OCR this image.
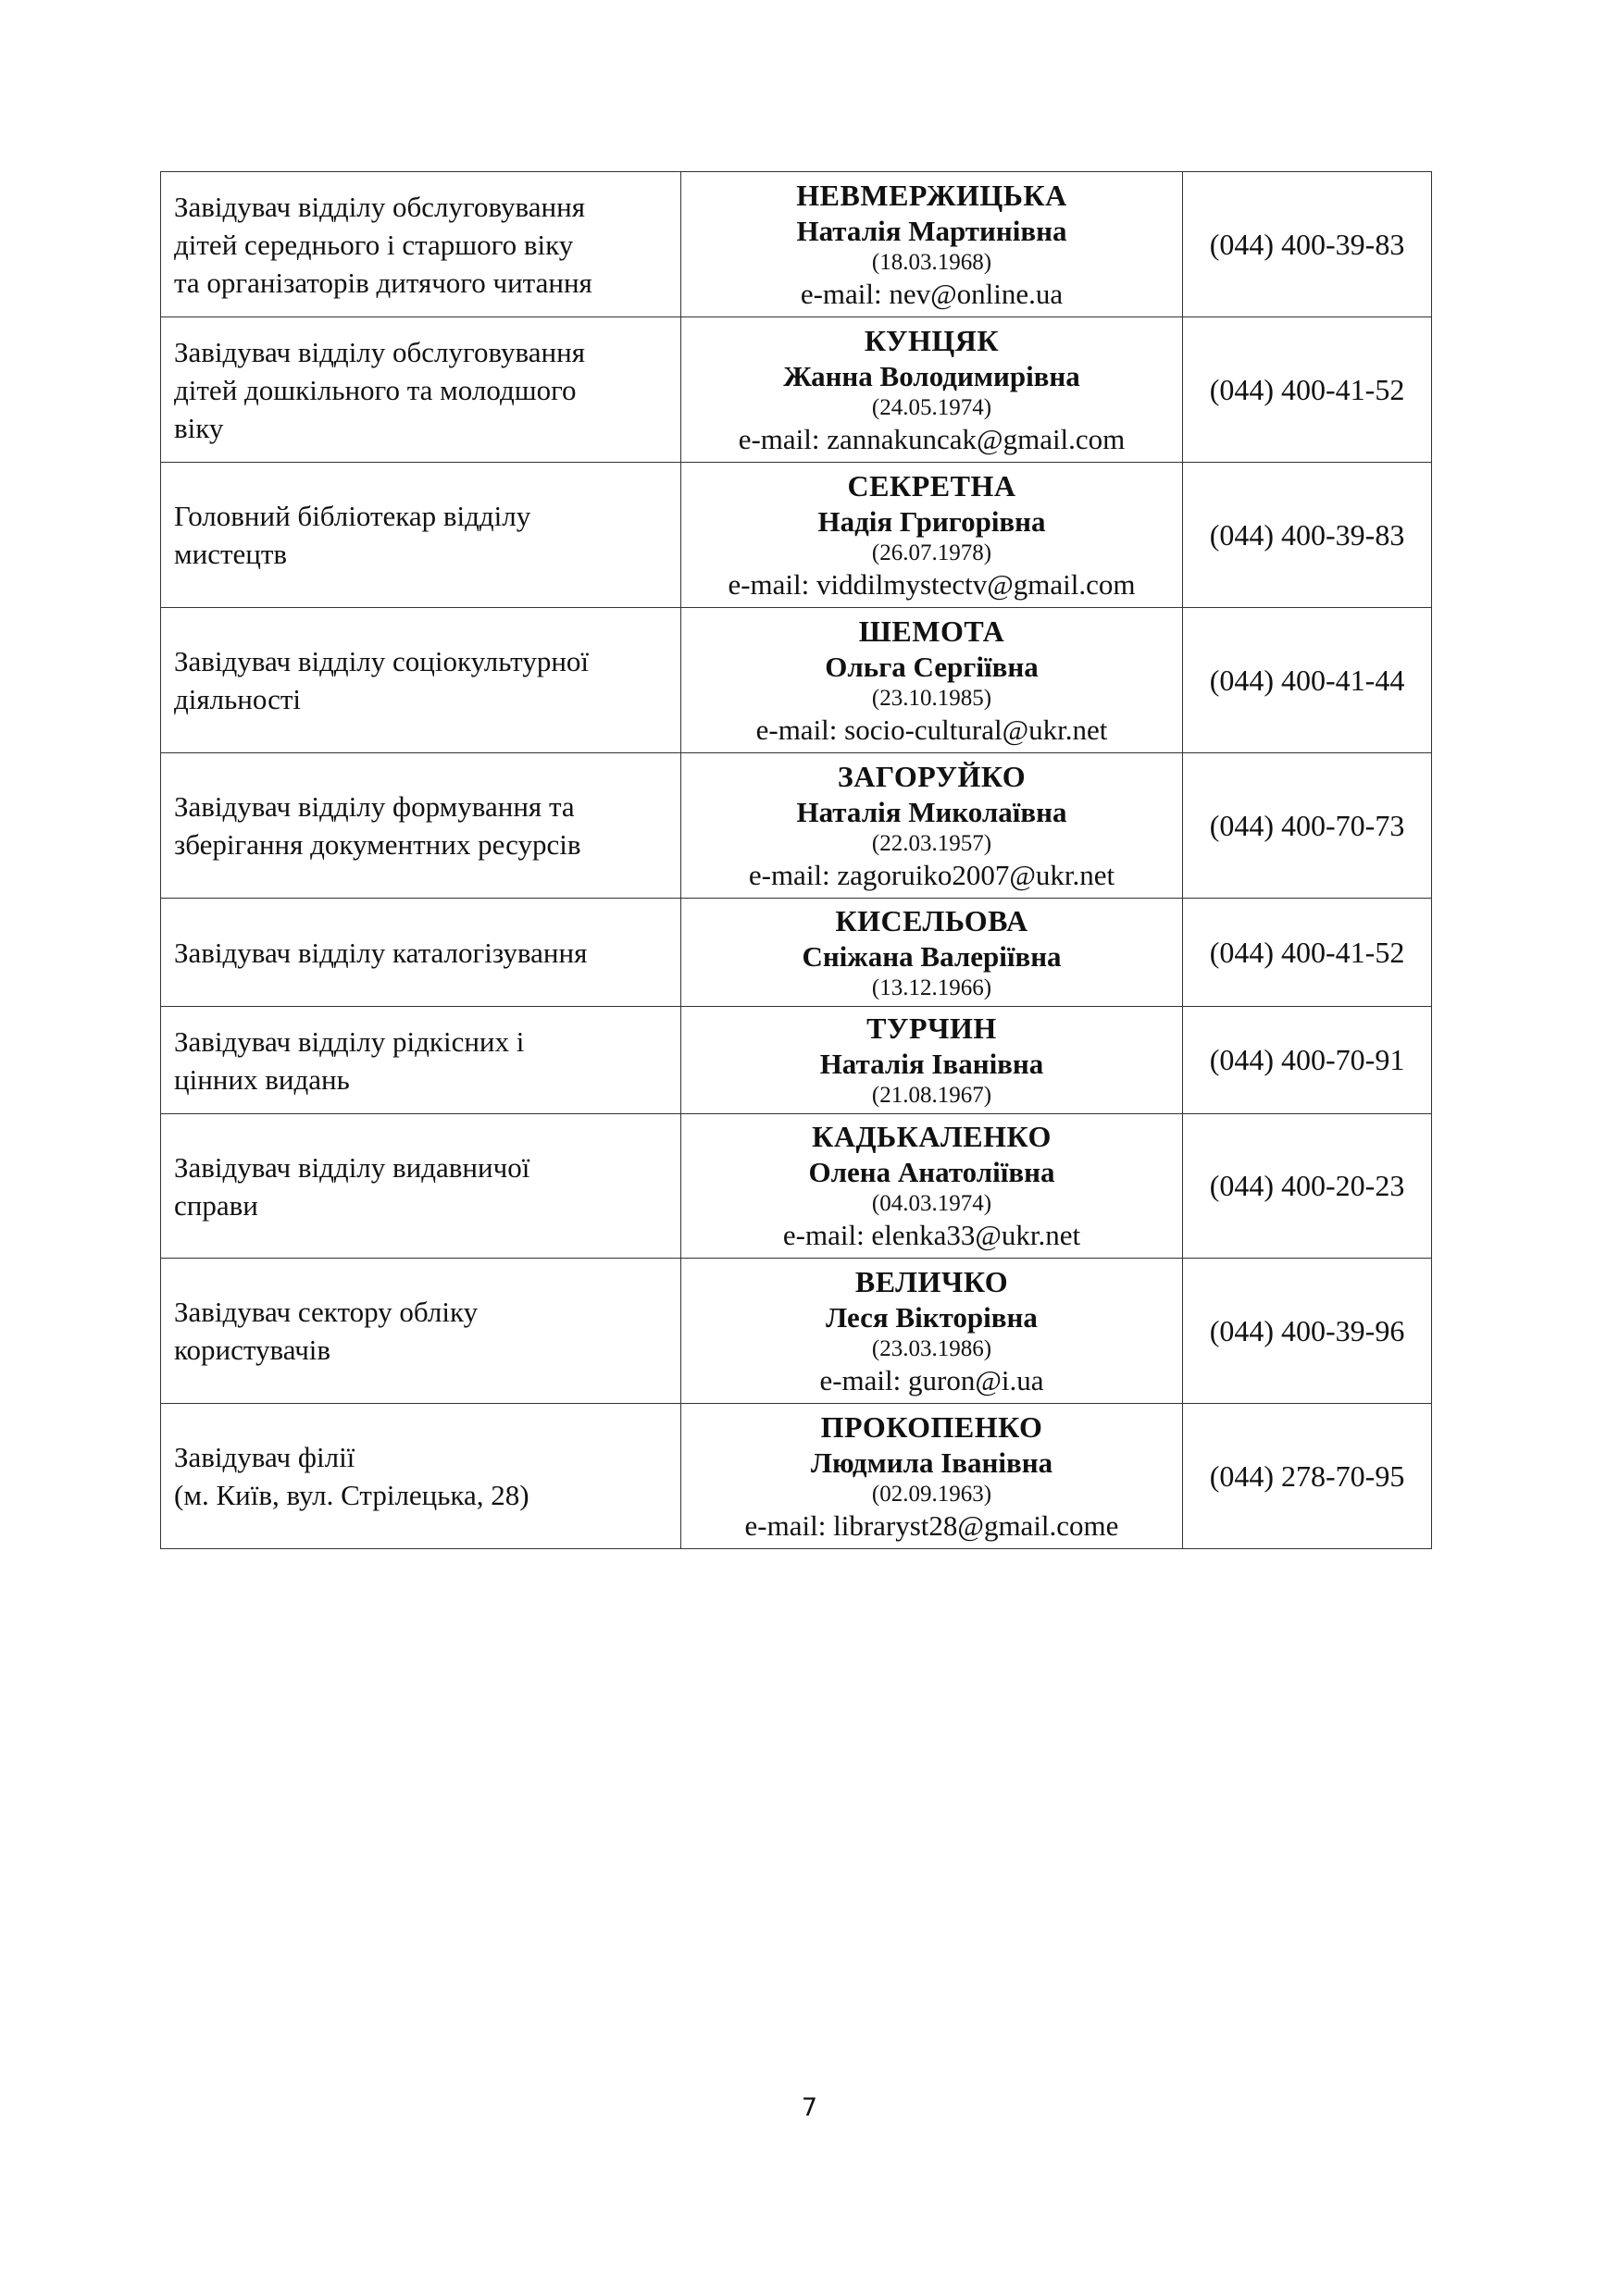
Завідувач відділу обслуговування
дітей середнього і старшого віку
та організаторів дитячого читання	НЕВМЕРЖИЦЬКА
Наталія Мартинівна
(18.03.1968)
e-mail: nev@online.ua	(044) 400-39-83

Завідувач відділу обслуговування
дітей дошкільного та молодшого
віку	КУНЦЯК
Жанна Володимирівна
(24.05.1974)
e-mail: zannakuncak@gmail.com	(044) 400-41-52

Головний бібліотекар відділу
мистецтв	СЕКРЕТНА
Надія Григорівна
(26.07.1978)
e-mail: viddilmystectv@gmail.com	(044) 400-39-83

Завідувач відділу соціокультурної
діяльності	ШЕМОТА
Ольга Сергіївна
(23.10.1985)
e-mail: socio-cultural@ukr.net	(044) 400-41-44

Завідувач відділу формування та
зберігання документних ресурсів	ЗАГОРУЙКО
Наталія Миколаївна
(22.03.1957)
e-mail: zagoruiko2007@ukr.net	(044) 400-70-73

Завідувач відділу каталогізування	КИСЕЛЬОВА
Сніжана Валеріївна
(13.12.1966)	(044) 400-41-52

Завідувач відділу рідкісних і
цінних видань	ТУРЧИН
Наталія Іванівна
(21.08.1967)	(044) 400-70-91

Завідувач відділу видавничої
справи	КАДЬКАЛЕНКО
Олена Анатоліївна
(04.03.1974)
e-mail: elenka33@ukr.net	(044) 400-20-23

Завідувач сектору обліку
користувачів	ВЕЛИЧКО
Леся Вікторівна
(23.03.1986)
e-mail: guron@i.ua	(044) 400-39-96

Завідувач філії
(м. Київ, вул. Стрілецька, 28)	ПРОКОПЕНКО
Людмила Іванівна
(02.09.1963)
e-mail: libraryst28@gmail.come	(044) 278-70-95
7
